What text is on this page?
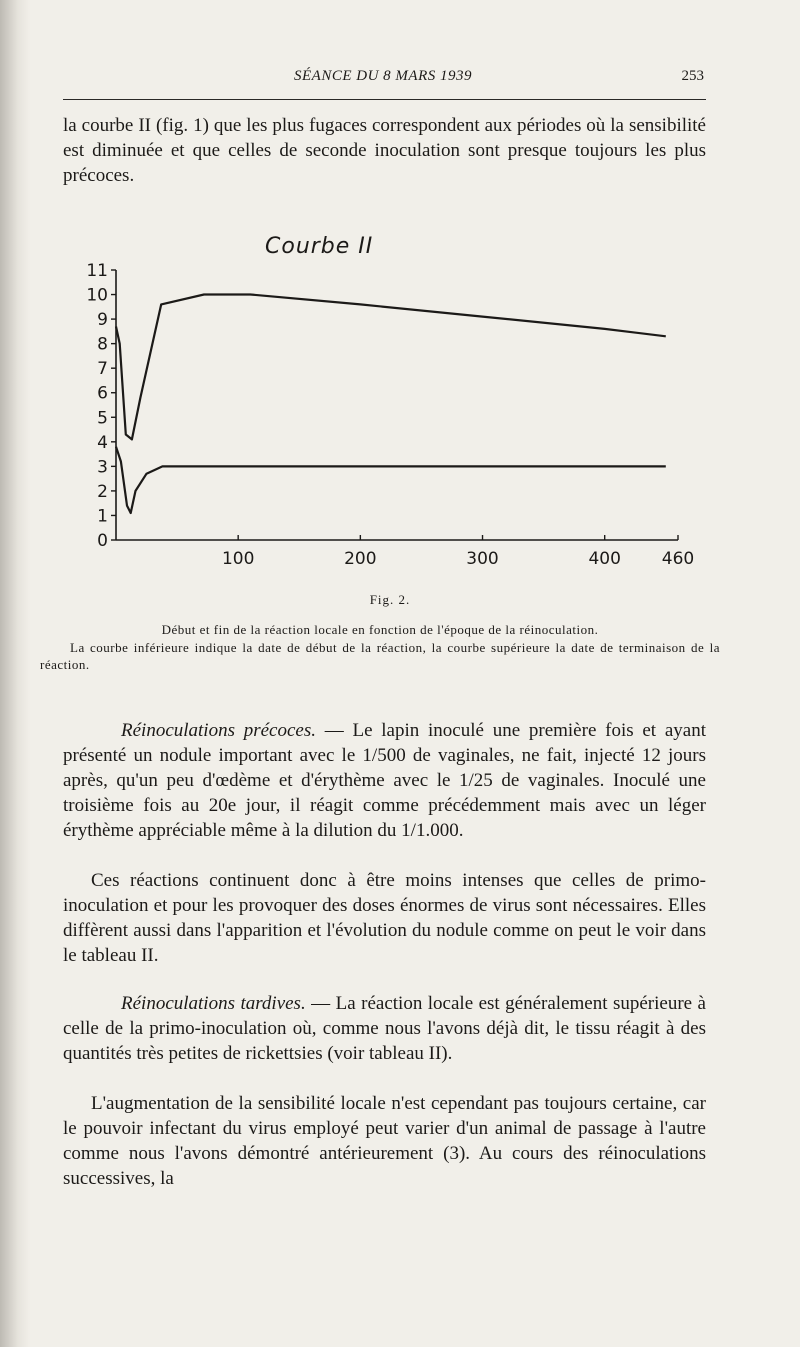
SÉANCE DU 8 MARS 1939	253

la courbe II (fig. 1) que les plus fugaces correspondent aux périodes où la sensibilité est diminuée et que celles de seconde inoculation sont presque toujours les plus précoces.

Courbe II
0
1
2
3
4
5
6
7
8
9
10
11
100	200	300	400 460
Fig. 2.

Début et fin de la réaction locale en fonction de l'époque de la réinoculation.

La courbe inférieure indique la date de début de la réaction, la courbe supérieure la date de terminaison de la réaction.

Réinoculations précoces. — Le lapin inoculé une première fois et ayant présenté un nodule important avec le 1/500 de vaginales, ne fait, injecté 12 jours après, qu'un peu d'œdème et d'érythème avec le 1/25 de vaginales. Inoculé une troisième fois au 20e jour, il réagit comme précédemment mais avec un léger érythème appréciable même à la dilution du 1/1.000.

Ces réactions continuent donc à être moins intenses que celles de primo-inoculation et pour les provoquer des doses énormes de virus sont nécessaires. Elles diffèrent aussi dans l'apparition et l'évolution du nodule comme on peut le voir dans le tableau II.

Réinoculations tardives. — La réaction locale est généralement supérieure à celle de la primo-inoculation où, comme nous l'avons déjà dit, le tissu réagit à des quantités très petites de rickettsies (voir tableau II).

L'augmentation de la sensibilité locale n'est cependant pas toujours certaine, car le pouvoir infectant du virus employé peut varier d'un animal de passage à l'autre comme nous l'avons démontré antérieurement (3). Au cours des réinoculations successives, la
